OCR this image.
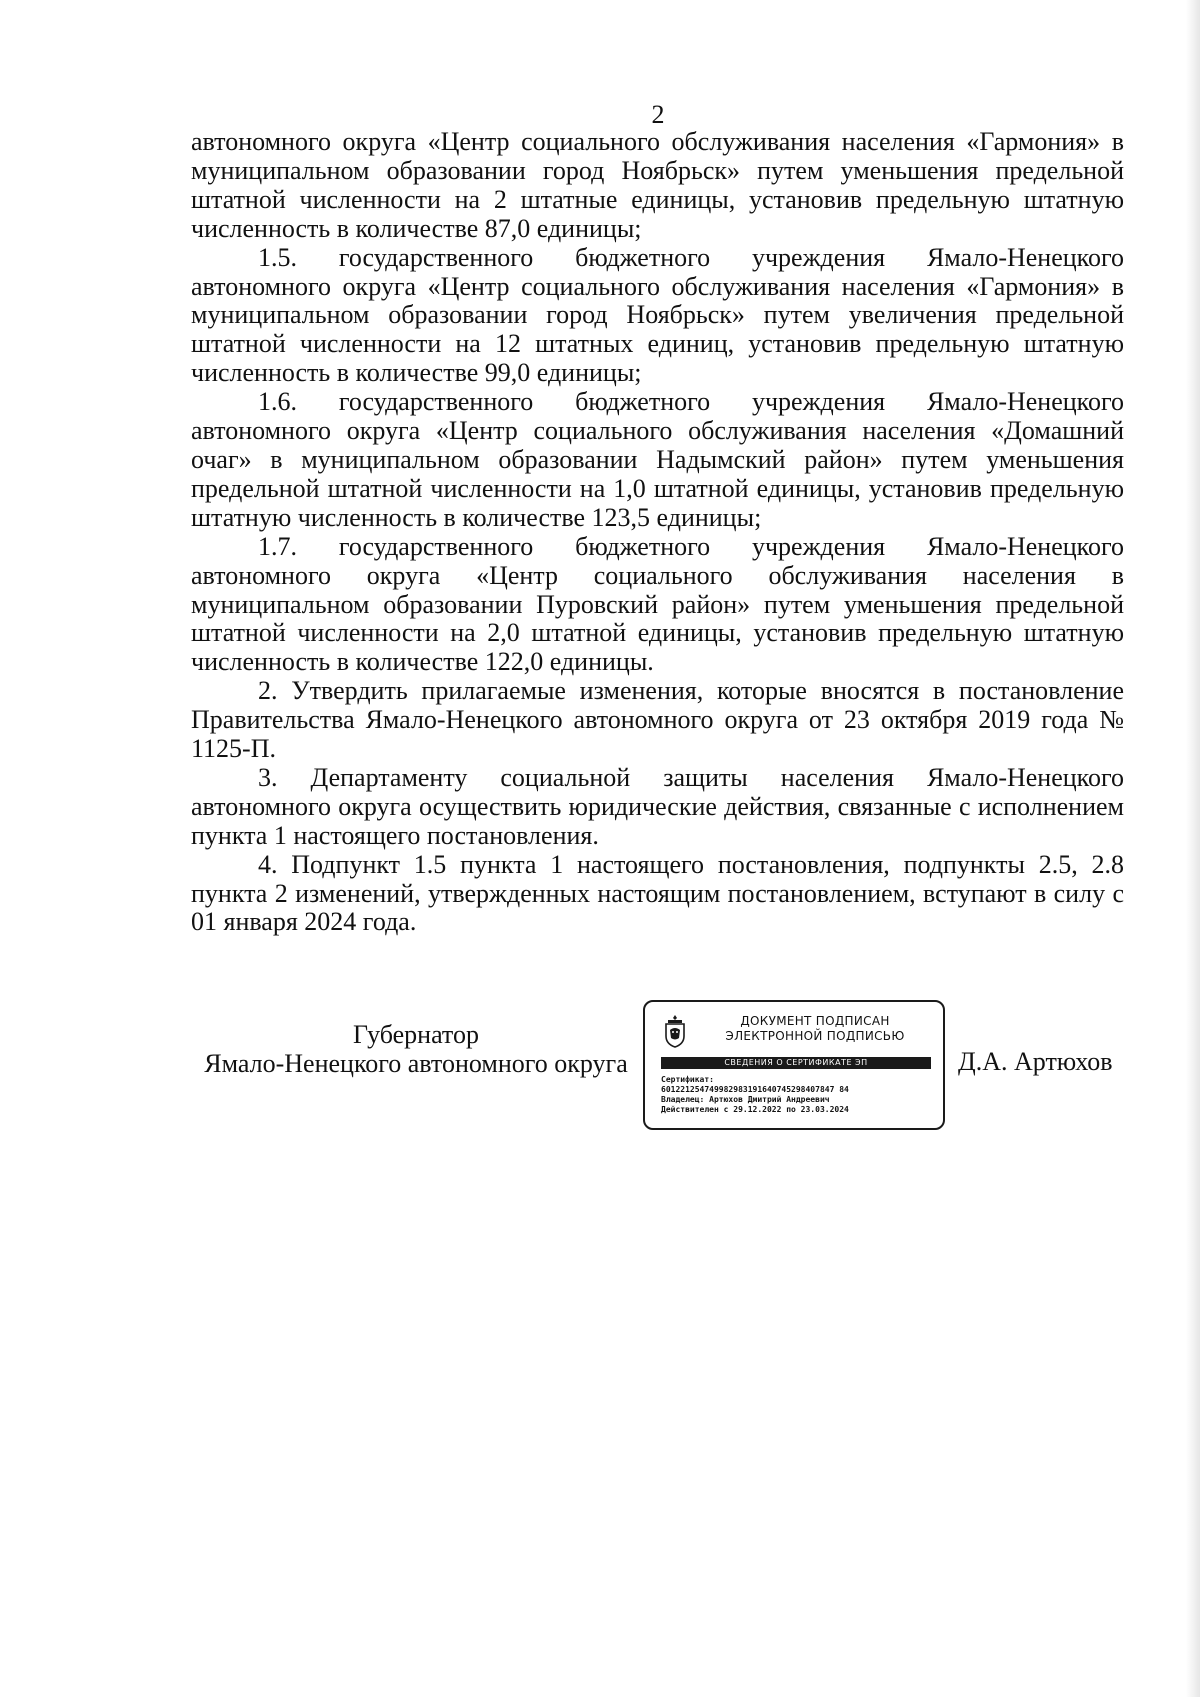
2

автономного округа «Центр социального обслуживания населения «Гармония» в муниципальном образовании город Ноябрьск» путем уменьшения предельной штатной численности на 2 штатные единицы, установив предельную штатную численность в количестве 87,0 единицы;

1.5. государственного бюджетного учреждения Ямало-Ненецкого автономного округа «Центр социального обслуживания населения «Гармония» в муниципальном образовании город Ноябрьск» путем увеличения предельной штатной численности на 12 штатных единиц, установив предельную штатную численность в количестве 99,0 единицы;

1.6. государственного бюджетного учреждения Ямало-Ненецкого автономного округа «Центр социального обслуживания населения «Домашний очаг» в муниципальном образовании Надымский район» путем уменьшения предельной штатной численности на 1,0 штатной единицы, установив предельную штатную численность в количестве 123,5 единицы;

1.7. государственного бюджетного учреждения Ямало-Ненецкого автономного округа «Центр социального обслуживания населения в муниципальном образовании Пуровский район» путем уменьшения предельной штатной численности на 2,0 штатной единицы, установив предельную штатную численность в количестве 122,0 единицы.

2. Утвердить прилагаемые изменения, которые вносятся в постановление Правительства Ямало-Ненецкого автономного округа от 23 октября 2019 года № 1125-П.

3. Департаменту социальной защиты населения Ямало-Ненецкого автономного округа осуществить юридические действия, связанные с исполнением пункта 1 настоящего постановления.

4. Подпункт 1.5 пункта 1 настоящего постановления, подпункты 2.5, 2.8 пункта 2 изменений, утвержденных настоящим постановлением, вступают в силу с 01 января 2024 года.

Губернатор
Ямало-Ненецкого автономного округа
ДОКУМЕНТ ПОДПИСАН
ЭЛЕКТРОННОЙ ПОДПИСЬЮ
СВЕДЕНИЯ О СЕРТИФИКАТЕ ЭП
Сертификат:
601221254749982983191640745298407847 84
Владелец: Артюхов Дмитрий Андреевич
Действителен с 29.12.2022 по 23.03.2024
Д.А. Артюхов
